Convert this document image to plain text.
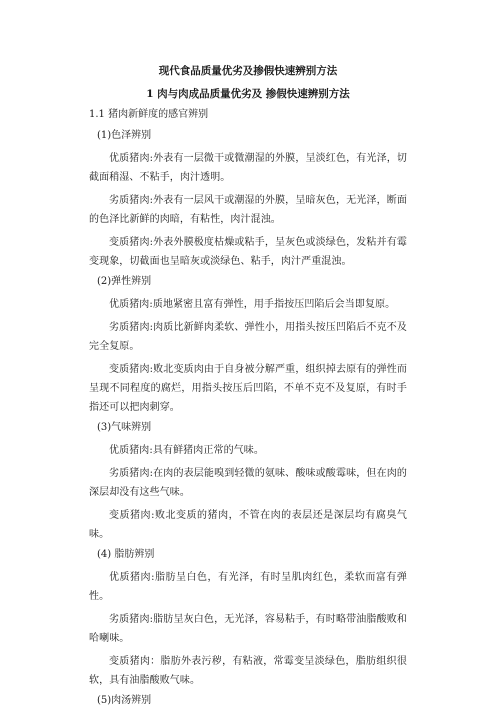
现代食品质量优劣及掺假快速辨别方法

1 肉与肉成品质量优劣及 掺假快速辨别方法

1.1 猪肉新鲜度的感官辨别

(1)色泽辨别

优质猪肉:外表有一层微干或微潮湿的外膜，呈淡红色，有光泽，切截面稍湿、不粘手，肉汁透明。

劣质猪肉:外表有一层风干或潮湿的外膜，呈暗灰色，无光泽，断面的色泽比新鲜的肉暗，有粘性，肉汁混浊。

变质猪肉:外表外膜极度枯燥或粘手，呈灰色或淡绿色，发粘并有霉变现象，切截面也呈暗灰或淡绿色、粘手，肉汁严重混浊。

(2)弹性辨别

优质猪肉:质地紧密且富有弹性，用手指按压凹陷后会当即复原。

劣质猪肉:肉质比新鲜肉柔软、弹性小，用指头按压凹陷后不克不及完全复原。

变质猪肉:败北变质肉由于自身被分解严重，组织掉去原有的弹性而呈现不同程度的腐烂，用指头按压后凹陷，不单不克不及复原，有时手指还可以把肉刺穿。

(3)气味辨别

优质猪肉:具有鲜猪肉正常的气味。

劣质猪肉:在肉的表层能嗅到轻微的氨味、酸味或酸霉味，但在肉的深层却没有这些气味。

变质猪肉:败北变质的猪肉，不管在肉的表层还是深层均有腐臭气味。

(4) 脂肪辨别

优质猪肉:脂肪呈白色，有光泽，有时呈肌肉红色，柔软而富有弹性。

劣质猪肉:脂肪呈灰白色，无光泽，容易粘手，有时略带油脂酸败和哈喇味。

变质猪肉：脂肪外表污秽，有粘液，常霉变呈淡绿色，脂肪组织很软，具有油脂酸败气味。

(5)肉汤辨别
